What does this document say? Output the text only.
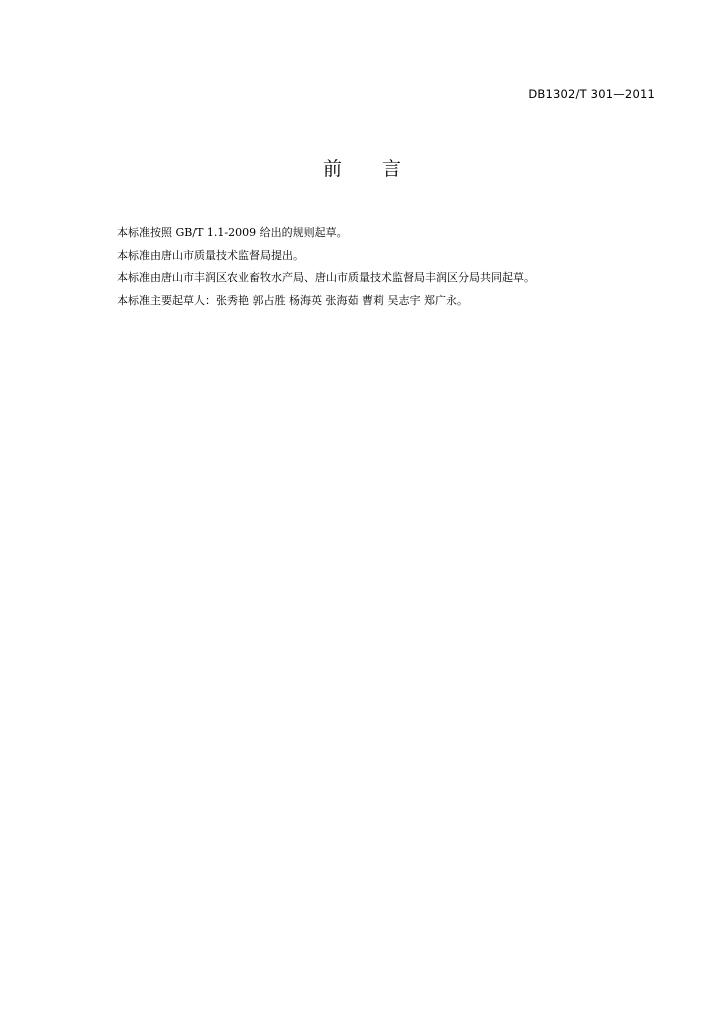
DB1302/T 301—2011
前 言

本标准按照 GB/T 1.1-2009 给出的规则起草。

本标准由唐山市质量技术监督局提出。

本标准由唐山市丰润区农业畜牧水产局、唐山市质量技术监督局丰润区分局共同起草。

本标准主要起草人：张秀艳 郭占胜 杨海英 张海茹 曹莉 吴志宇 郑广永。
